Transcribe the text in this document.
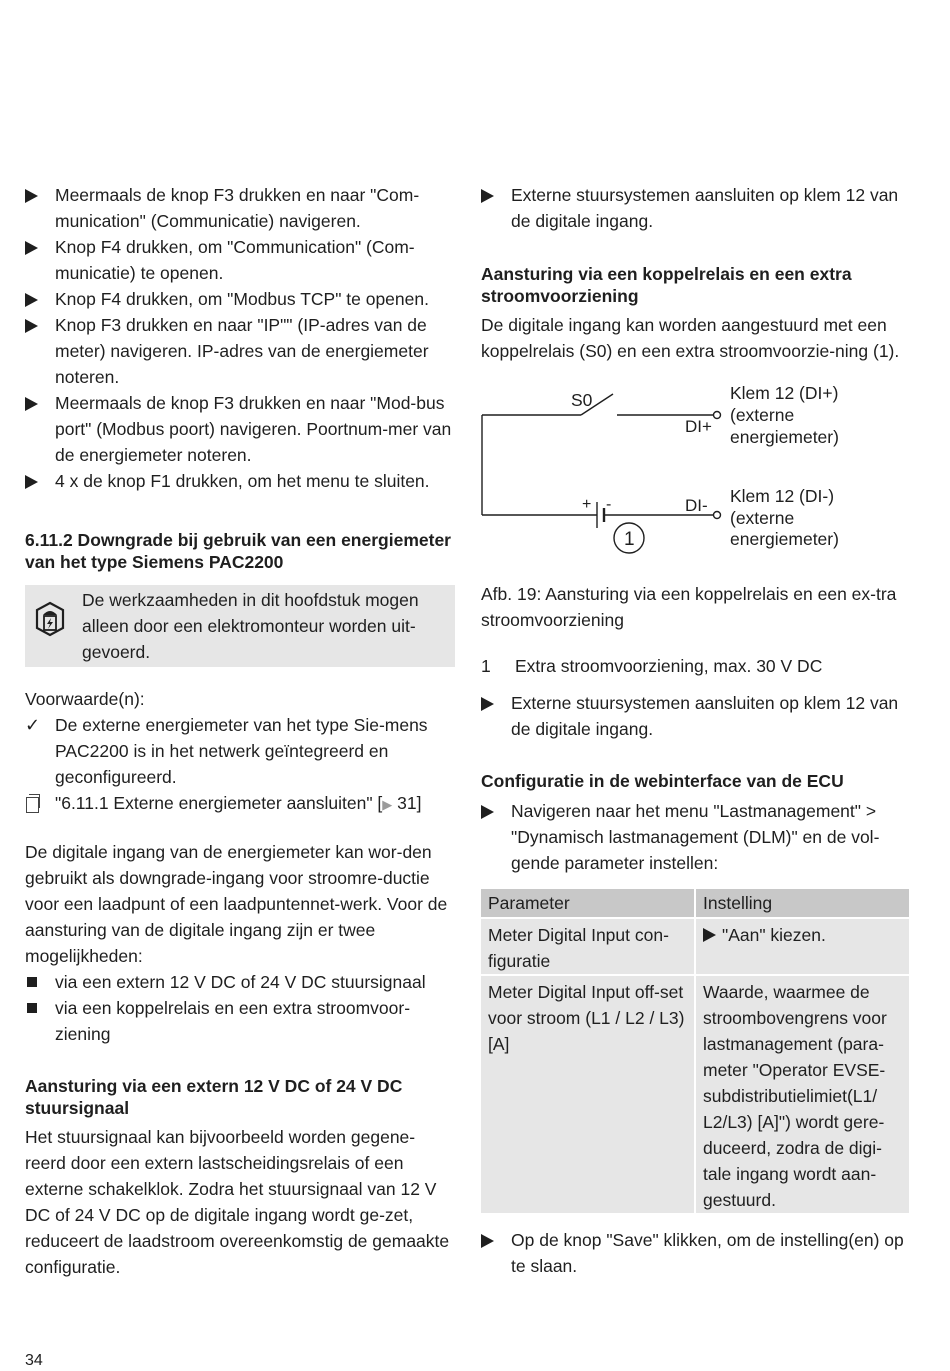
Meermaals de knop F3 drukken en naar "Com-munication" (Communicatie) navigeren.
Knop F4 drukken, om "Communication" (Com-municatie) te openen.
Knop F4 drukken, om "Modbus TCP" te openen.
Knop F3 drukken en naar "IP"" (IP-adres van de meter) navigeren. IP-adres van de energiemeter noteren.
Meermaals de knop F3 drukken en naar "Mod-bus port" (Modbus poort) navigeren. Poortnum-mer van de energiemeter noteren.
4 x de knop F1 drukken, om het menu te sluiten.
6.11.2 Downgrade bij gebruik van een energiemeter van het type Siemens PAC2200

De werkzaamheden in dit hoofdstuk mogen alleen door een elektromonteur worden uit-gevoerd.

Voorwaarde(n):

✓ De externe energiemeter van het type Sie-mens PAC2200 is in het netwerk geïntegreerd en geconfigureerd.
"6.11.1 Externe energiemeter aansluiten" [▶ 31]

De digitale ingang van de energiemeter kan wor-den gebruikt als downgrade-ingang voor stroomre-ductie voor een laadpunt of een laadpuntennet-werk. Voor de aansturing van de digitale ingang zijn er twee mogelijkheden:

via een extern 12 V DC of 24 V DC stuursignaal
via een koppelrelais en een extra stroomvoor-ziening
Aansturing via een extern 12 V DC of 24 V DC stuursignaal

Het stuursignaal kan bijvoorbeeld worden gegene-reerd door een extern lastscheidingsrelais of een externe schakelklok. Zodra het stuursignaal van 12 V DC of 24 V DC op de digitale ingang wordt ge-zet, reduceert de laadstroom overeenkomstig de gemaakte configuratie.

Externe stuursystemen aansluiten op klem 12 van de digitale ingang.
Aansturing via een koppelrelais en een extra stroomvoorziening

De digitale ingang kan worden aangestuurd met een koppelrelais (S0) en een extra stroomvoorzie-ning (1).

S0
DI+
DI-
+ -
1
Klem 12 (DI+)
(externe
energiemeter)
Klem 12 (DI-)
(externe
energiemeter)

Afb. 19: Aansturing via een koppelrelais en een ex-tra stroomvoorziening

1 Extra stroomvoorziening, max. 30 V DC
Externe stuursystemen aansluiten op klem 12 van de digitale ingang.
Configuratie in de webinterface van de ECU
Navigeren naar het menu "Lastmanagement" > "Dynamisch lastmanagement (DLM)" en de vol-gende parameter instellen:
Parameter	Instelling
Meter Digital Input con-figuratie	"Aan" kiezen.
Meter Digital Input off-set voor stroom (L1 / L2 / L3) [A]	Waarde, waarmee de stroombovengrens voor lastmanagement (para-meter "Operator EVSE-subdistributielimiet(L1/ L2/L3) [A]") wordt gere-duceerd, zodra de digi-tale ingang wordt aan-gestuurd.
Op de knop "Save" klikken, om de instelling(en) op te slaan.
34
